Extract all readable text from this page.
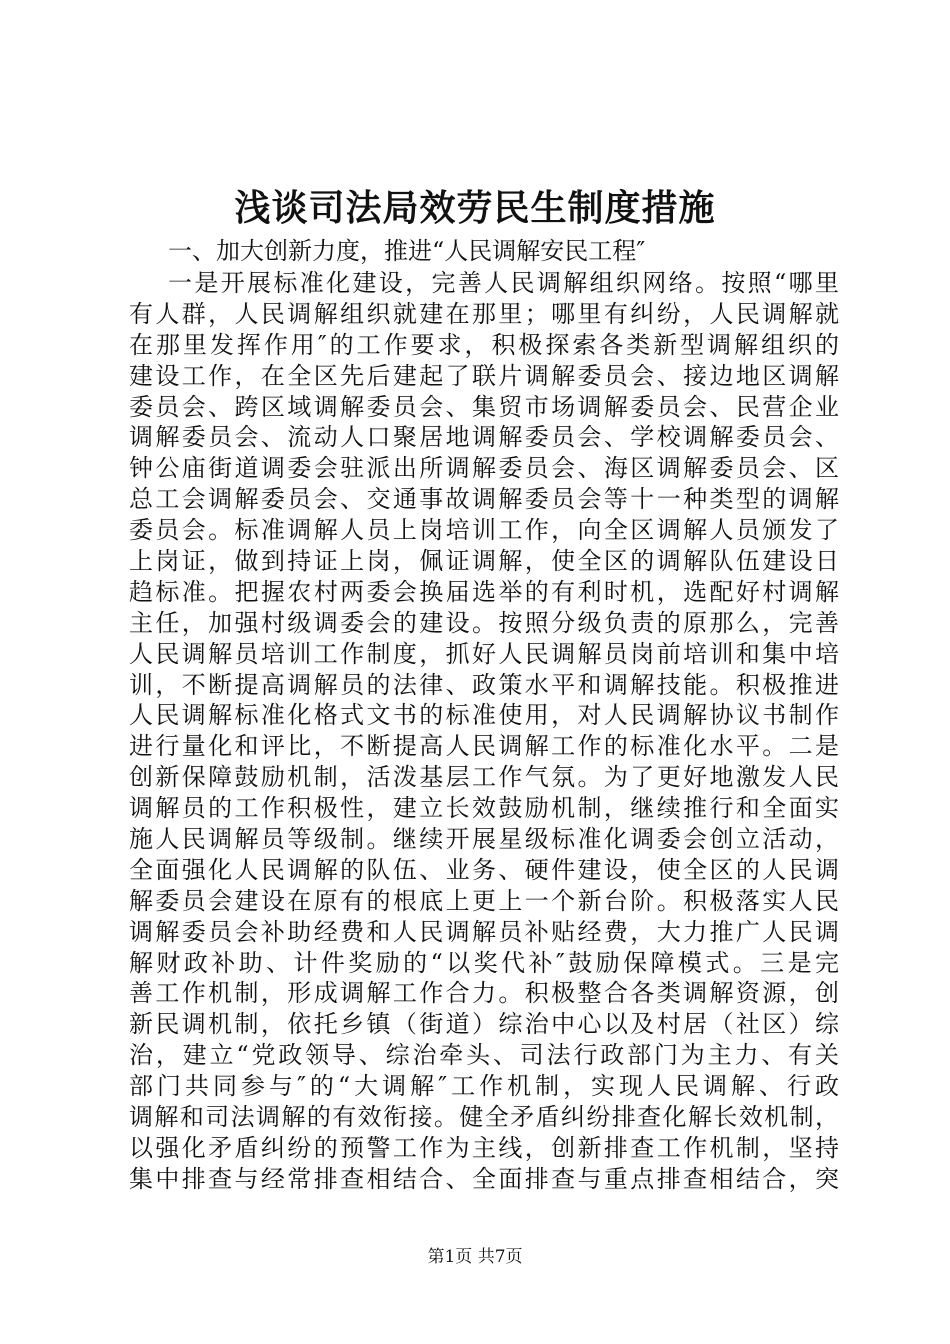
浅谈司法局效劳民生制度措施

一、加大创新力度，推进“人民调解安民工程″

一是开展标准化建设，完善人民调解组织网络。按照“哪里
有人群，人民调解组织就建在那里；哪里有纠纷，人民调解就
在那里发挥作用″的工作要求，积极探索各类新型调解组织的
建设工作，在全区先后建起了联片调解委员会、接边地区调解
委员会、跨区域调解委员会、集贸市场调解委员会、民营企业
调解委员会、流动人口聚居地调解委员会、学校调解委员会、
钟公庙街道调委会驻派出所调解委员会、海区调解委员会、区
总工会调解委员会、交通事故调解委员会等十一种类型的调解
委员会。标准调解人员上岗培训工作，向全区调解人员颁发了
上岗证，做到持证上岗，佩证调解，使全区的调解队伍建设日
趋标准。把握农村两委会换届选举的有利时机，选配好村调解
主任，加强村级调委会的建设。按照分级负责的原那么，完善
人民调解员培训工作制度，抓好人民调解员岗前培训和集中培
训，不断提高调解员的法律、政策水平和调解技能。积极推进
人民调解标准化格式文书的标准使用，对人民调解协议书制作
进行量化和评比，不断提高人民调解工作的标准化水平。二是
创新保障鼓励机制，活泼基层工作气氛。为了更好地激发人民
调解员的工作积极性，建立长效鼓励机制，继续推行和全面实
施人民调解员等级制。继续开展星级标准化调委会创立活动，
全面强化人民调解的队伍、业务、硬件建设，使全区的人民调
解委员会建设在原有的根底上更上一个新台阶。积极落实人民
调解委员会补助经费和人民调解员补贴经费，大力推广人民调
解财政补助、计件奖励的“以奖代补″鼓励保障模式。三是完
善工作机制，形成调解工作合力。积极整合各类调解资源，创
新民调机制，依托乡镇（街道）综治中心以及村居（社区）综
治，建立“党政领导、综治牵头、司法行政部门为主力、有关
部门共同参与″的“大调解″工作机制，实现人民调解、行政
调解和司法调解的有效衔接。健全矛盾纠纷排查化解长效机制，
以强化矛盾纠纷的预警工作为主线，创新排查工作机制，坚持
集中排查与经常排查相结合、全面排查与重点排查相结合，突
第1页 共7页
